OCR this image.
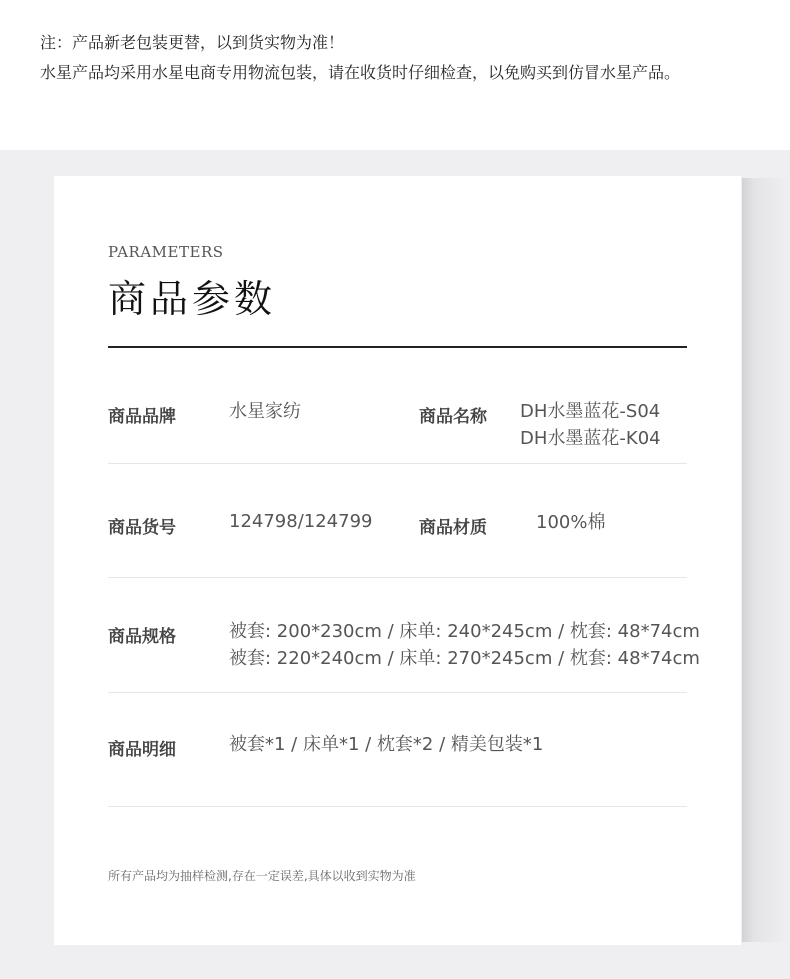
注：产品新老包装更替，以到货实物为准！

水星产品均采用水星电商专用物流包装，请在收货时仔细检查，以免购买到仿冒水星产品。

PARAMETERS
商品参数
商品品牌	水星家纺	商品名称 DH水墨蓝花-S04
DH水墨蓝花-K04
商品货号	124798/124799	商品材质	100%棉
商品规格	被套: 200*230cm / 床单: 240*245cm / 枕套: 48*74cm
被套: 220*240cm / 床单: 270*245cm / 枕套: 48*74cm
商品明细	被套*1 / 床单*1 / 枕套*2 / 精美包装*1
所有产品均为抽样检测,存在一定误差,具体以收到实物为准
